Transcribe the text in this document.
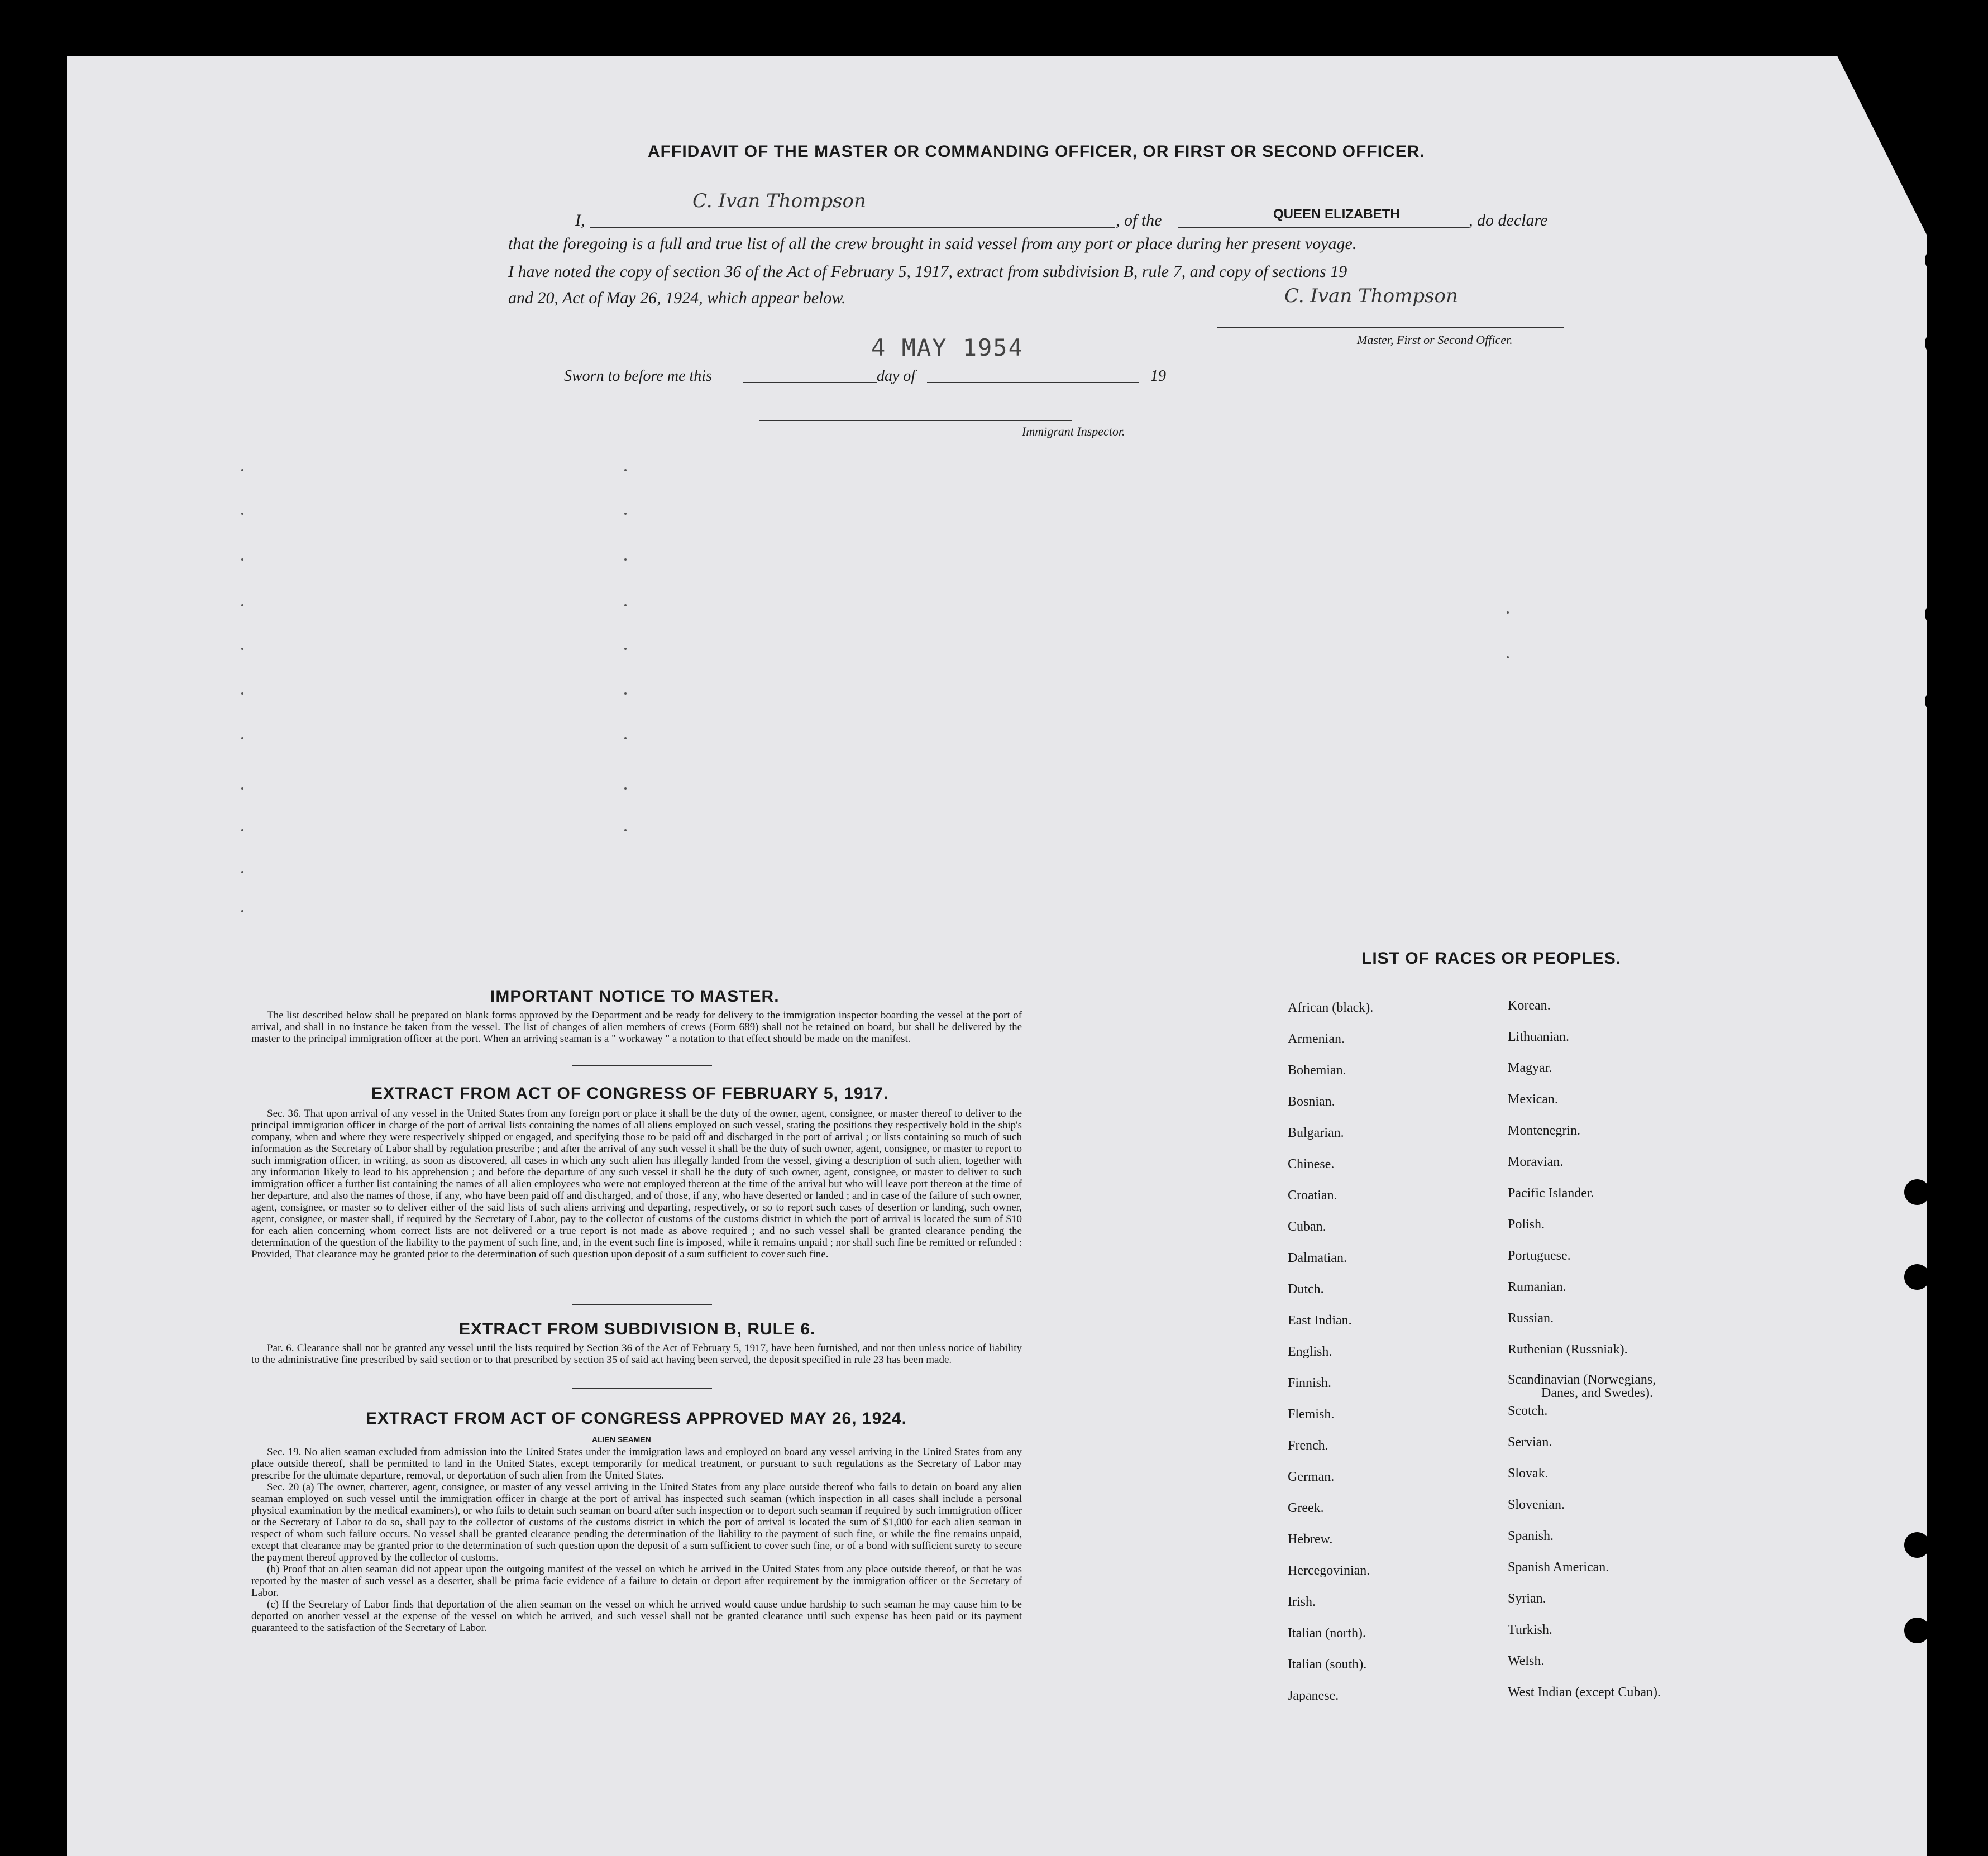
AFFIDAVIT OF THE MASTER OR COMMANDING OFFICER, OR FIRST OR SECOND OFFICER.
I,
C. Ivan Thompson
, of the	QUEEN ELIZABETH	, do declare
that the foregoing is a full and true list of all the crew brought in said vessel from any port or place during her present voyage.
I have noted the copy of section 36 of the Act of February 5, 1917, extract from subdivision B, rule 7, and copy of sections 19
and 20, Act of May 26, 1924, which appear below.	C. Ivan Thompson
Master, First or Second Officer.
4 MAY 1954
Sworn to before me this	day of	19
Immigrant Inspector.
IMPORTANT NOTICE TO MASTER.

The list described below shall be prepared on blank forms approved by the Department and be ready for delivery to the immigration inspector boarding the vessel at the port of arrival, and shall in no instance be taken from the vessel. The list of changes of alien members of crews (Form 689) shall not be retained on board, but shall be delivered by the master to the principal immigration officer at the port. When an arriving seaman is a " workaway " a notation to that effect should be made on the manifest.

EXTRACT FROM ACT OF CONGRESS OF FEBRUARY 5, 1917.

Sec. 36. That upon arrival of any vessel in the United States from any foreign port or place it shall be the duty of the owner, agent, consignee, or master thereof to deliver to the principal immigration officer in charge of the port of arrival lists containing the names of all aliens employed on such vessel, stating the positions they respectively hold in the ship's company, when and where they were respectively shipped or engaged, and specifying those to be paid off and discharged in the port of arrival ; or lists containing so much of such information as the Secretary of Labor shall by regulation prescribe ; and after the arrival of any such vessel it shall be the duty of such owner, agent, consignee, or master to report to such immigration officer, in writing, as soon as discovered, all cases in which any such alien has illegally landed from the vessel, giving a description of such alien, together with any information likely to lead to his apprehension ; and before the departure of any such vessel it shall be the duty of such owner, agent, consignee, or master to deliver to such immigration officer a further list containing the names of all alien employees who were not employed thereon at the time of the arrival but who will leave port thereon at the time of her departure, and also the names of those, if any, who have been paid off and discharged, and of those, if any, who have deserted or landed ; and in case of the failure of such owner, agent, consignee, or master so to deliver either of the said lists of such aliens arriving and departing, respectively, or so to report such cases of desertion or landing, such owner, agent, consignee, or master shall, if required by the Secretary of Labor, pay to the collector of customs of the customs district in which the port of arrival is located the sum of $10 for each alien concerning whom correct lists are not delivered or a true report is not made as above required ; and no such vessel shall be granted clearance pending the determination of the question of the liability to the payment of such fine, and, in the event such fine is imposed, while it remains unpaid ; nor shall such fine be remitted or refunded : Provided, That clearance may be granted prior to the determination of such question upon deposit of a sum sufficient to cover such fine.

EXTRACT FROM SUBDIVISION B, RULE 6.

Par. 6. Clearance shall not be granted any vessel until the lists required by Section 36 of the Act of February 5, 1917, have been furnished, and not then unless notice of liability to the administrative fine prescribed by said section or to that prescribed by section 35 of said act having been served, the deposit specified in rule 23 has been made.

EXTRACT FROM ACT OF CONGRESS APPROVED MAY 26, 1924.
ALIEN SEAMEN

Sec. 19. No alien seaman excluded from admission into the United States under the immigration laws and employed on board any vessel arriving in the United States from any place outside thereof, shall be permitted to land in the United States, except temporarily for medical treatment, or pursuant to such regulations as the Secretary of Labor may prescribe for the ultimate departure, removal, or deportation of such alien from the United States.

Sec. 20 (a) The owner, charterer, agent, consignee, or master of any vessel arriving in the United States from any place outside thereof who fails to detain on board any alien seaman employed on such vessel until the immigration officer in charge at the port of arrival has inspected such seaman (which inspection in all cases shall include a personal physical examination by the medical examiners), or who fails to detain such seaman on board after such inspection or to deport such seaman if required by such immigration officer or the Secretary of Labor to do so, shall pay to the collector of customs of the customs district in which the port of arrival is located the sum of $1,000 for each alien seaman in respect of whom such failure occurs. No vessel shall be granted clearance pending the determination of the liability to the payment of such fine, or while the fine remains unpaid, except that clearance may be granted prior to the determination of such question upon the deposit of a sum sufficient to cover such fine, or of a bond with sufficient surety to secure the payment thereof approved by the collector of customs.

(b) Proof that an alien seaman did not appear upon the outgoing manifest of the vessel on which he arrived in the United States from any place outside thereof, or that he was reported by the master of such vessel as a deserter, shall be prima facie evidence of a failure to detain or deport after requirement by the immigration officer or the Secretary of Labor.

(c) If the Secretary of Labor finds that deportation of the alien seaman on the vessel on which he arrived would cause undue hardship to such seaman he may cause him to be deported on another vessel at the expense of the vessel on which he arrived, and such vessel shall not be granted clearance until such expense has been paid or its payment guaranteed to the satisfaction of the Secretary of Labor.

LIST OF RACES OR PEOPLES.
African (black).
Armenian.
Bohemian.
Bosnian.
Bulgarian.
Chinese.
Croatian.
Cuban.
Dalmatian.
Dutch.
East Indian.
English.
Finnish.
Flemish.
French.
German.
Greek.
Hebrew.
Hercegovinian.
Irish.
Italian (north).
Italian (south).
Japanese.
Korean.
Lithuanian.
Magyar.
Mexican.
Montenegrin.
Moravian.
Pacific Islander.
Polish.
Portuguese.
Rumanian.
Russian.
Ruthenian (Russniak).
Scandinavian (Norwegians,
Danes, and Swedes).
Scotch.
Servian.
Slovak.
Slovenian.
Spanish.
Spanish American.
Syrian.
Turkish.
Welsh.
West Indian (except Cuban).
